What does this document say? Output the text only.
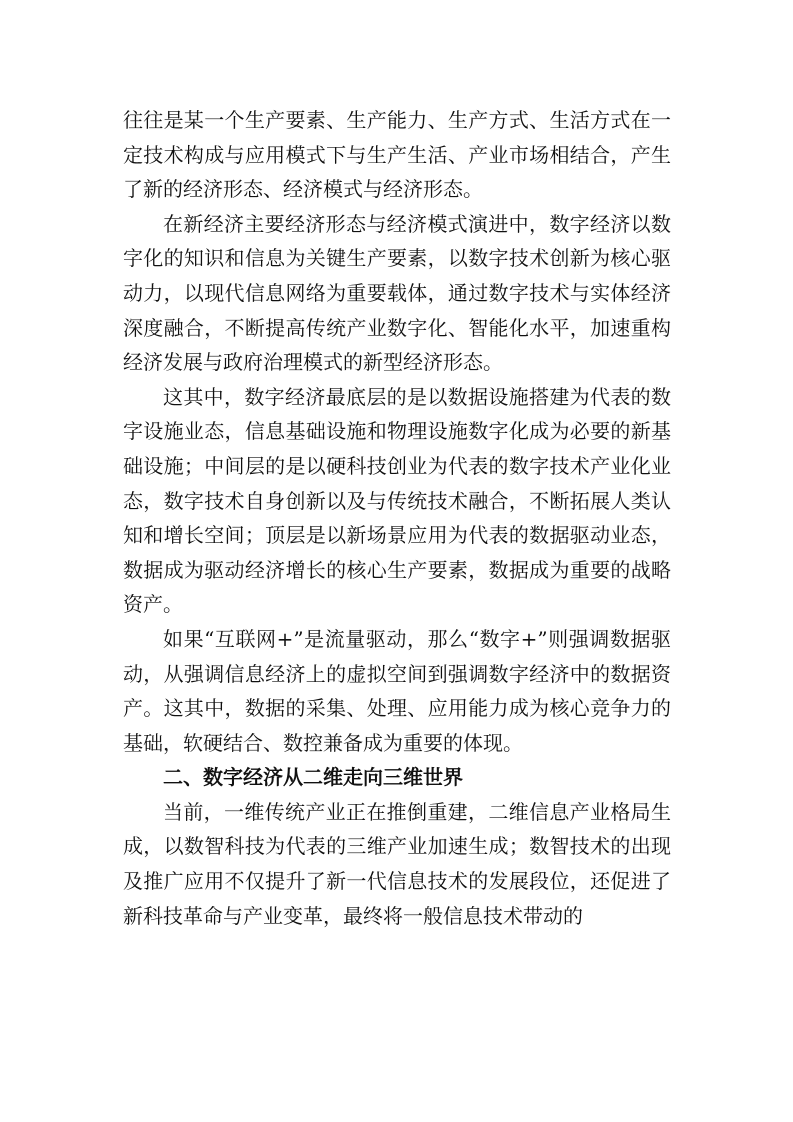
往往是某一个生产要素、生产能力、生产方式、生活方式在一定技术构成与应用模式下与生产生活、产业市场相结合，产生了新的经济形态、经济模式与经济形态。

在新经济主要经济形态与经济模式演进中，数字经济以数字化的知识和信息为关键生产要素，以数字技术创新为核心驱动力，以现代信息网络为重要载体，通过数字技术与实体经济深度融合，不断提高传统产业数字化、智能化水平，加速重构经济发展与政府治理模式的新型经济形态。

这其中，数字经济最底层的是以数据设施搭建为代表的数字设施业态，信息基础设施和物理设施数字化成为必要的新基础设施；中间层的是以硬科技创业为代表的数字技术产业化业态，数字技术自身创新以及与传统技术融合，不断拓展人类认知和增长空间；顶层是以新场景应用为代表的数据驱动业态，数据成为驱动经济增长的核心生产要素，数据成为重要的战略资产。

如果“互联网+”是流量驱动，那么“数字+”则强调数据驱动，从强调信息经济上的虚拟空间到强调数字经济中的数据资产。这其中，数据的采集、处理、应用能力成为核心竞争力的基础，软硬结合、数控兼备成为重要的体现。

二、数字经济从二维走向三维世界

当前，一维传统产业正在推倒重建，二维信息产业格局生成，以数智科技为代表的三维产业加速生成；数智技术的出现及推广应用不仅提升了新一代信息技术的发展段位，还促进了新科技革命与产业变革，最终将一般信息技术带动的
